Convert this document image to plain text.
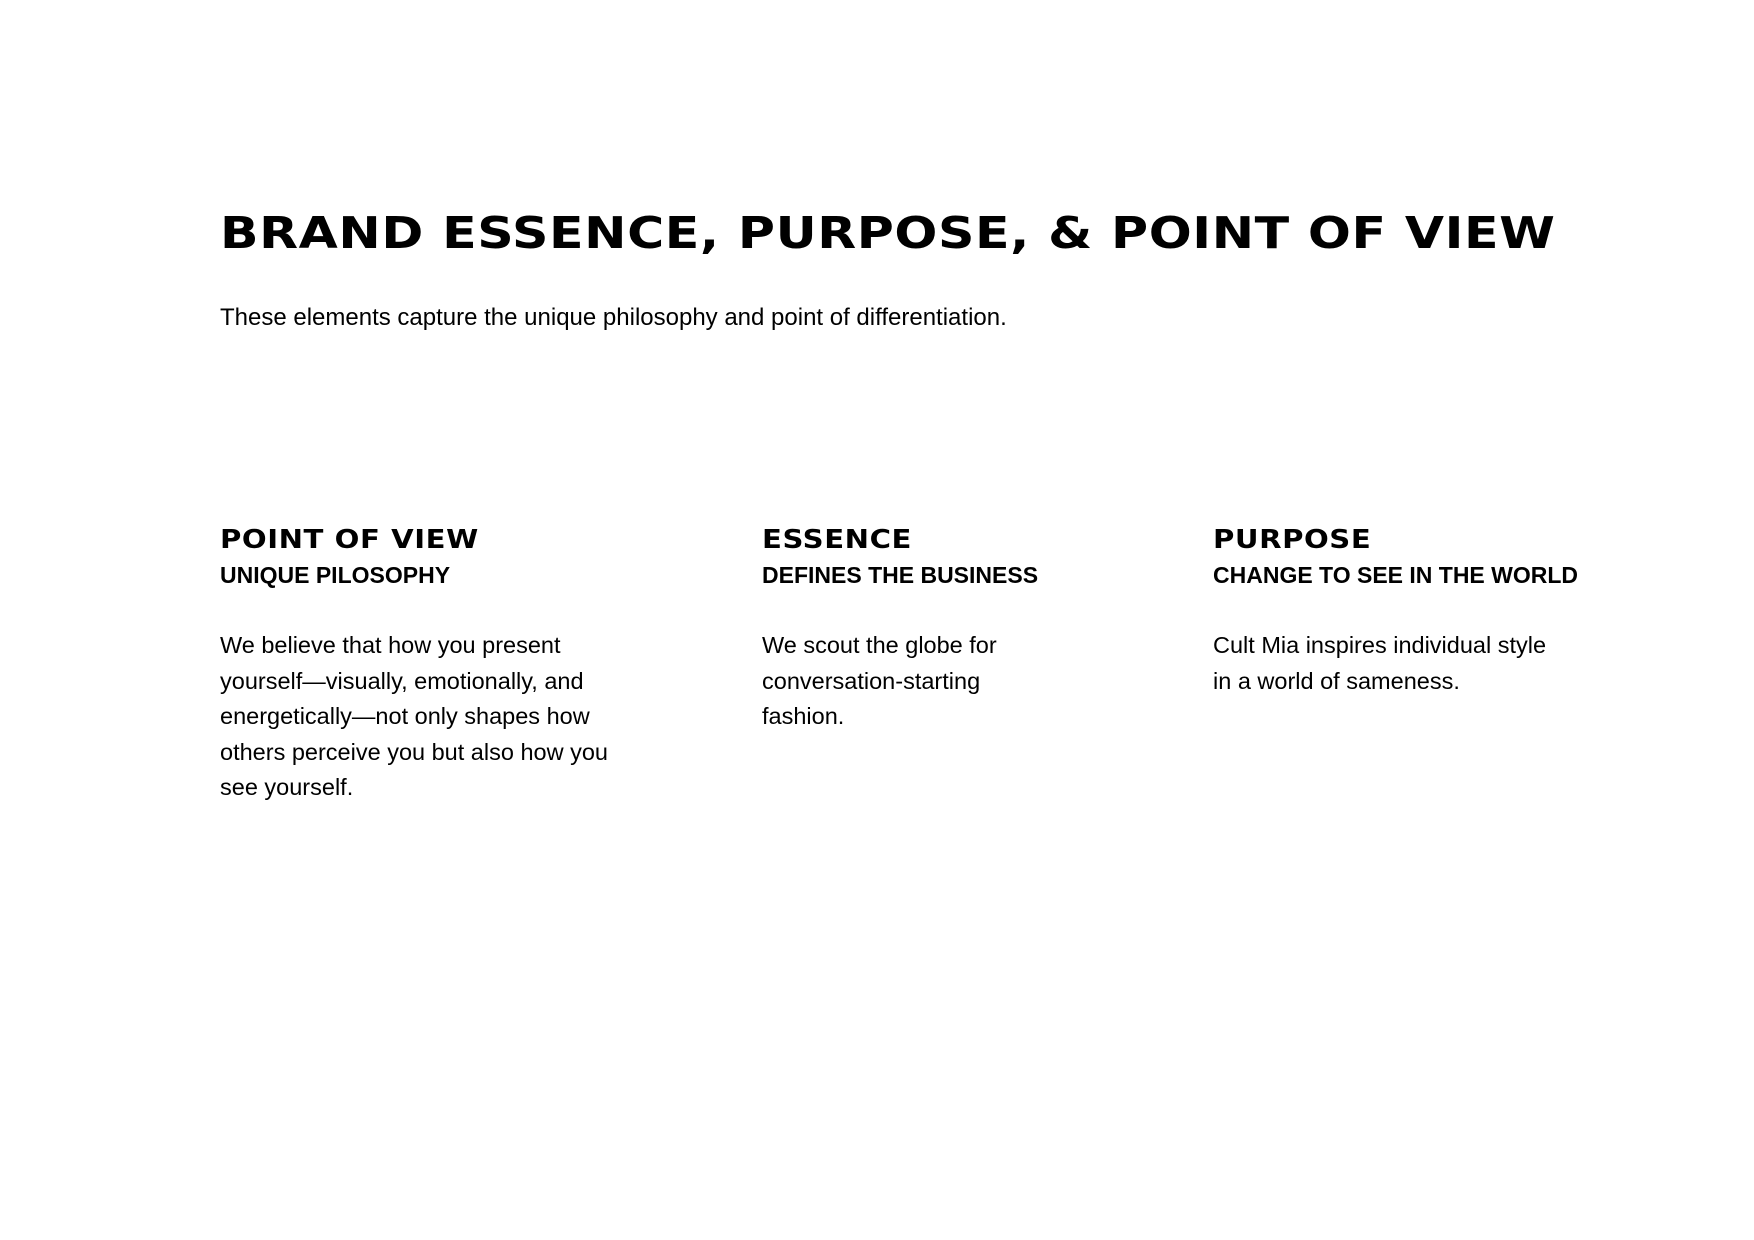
BRAND ESSENCE, PURPOSE, & POINT OF VIEW

These elements capture the unique philosophy and point of differentiation.

POINT OF VIEW
UNIQUE PILOSOPHY

We believe that how you present yourself—visually, emotionally, and energetically—not only shapes how others perceive you but also how you see yourself.

ESSENCE
DEFINES THE BUSINESS

We scout the globe for conversation-starting fashion.

PURPOSE
CHANGE TO SEE IN THE WORLD

Cult Mia inspires individual style in a world of sameness.
